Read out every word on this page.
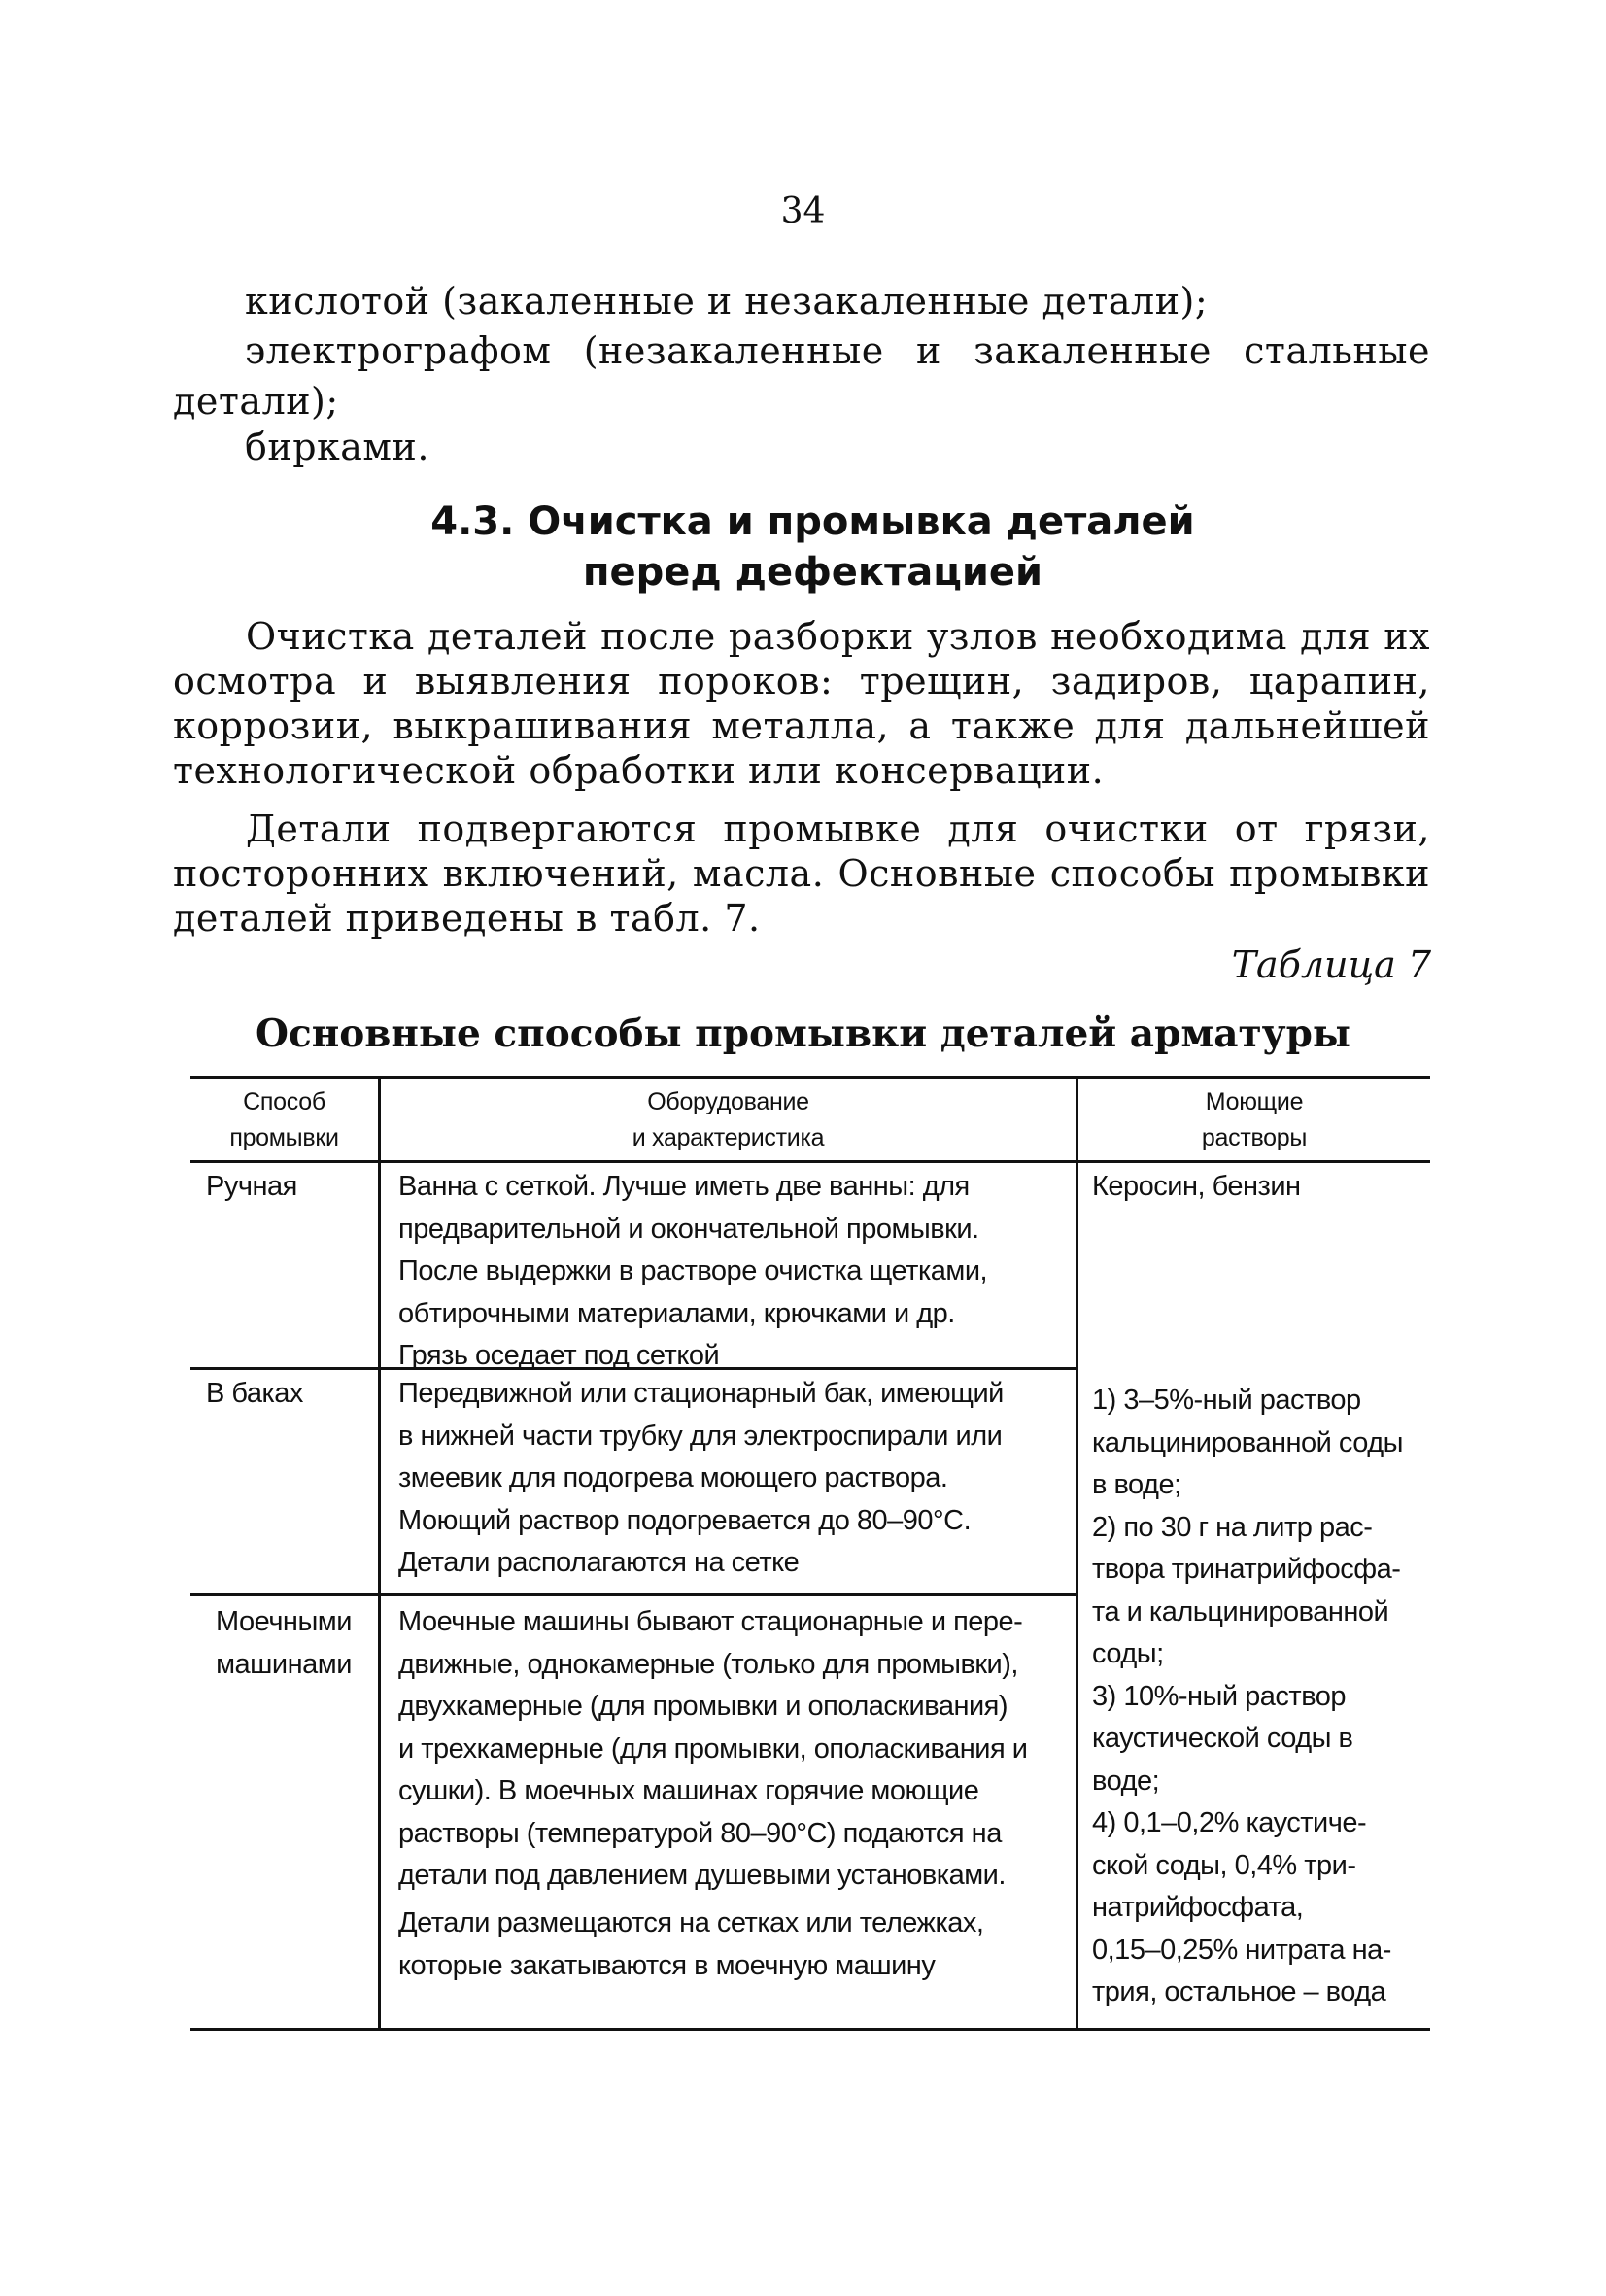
34
кислотой (закаленные и незакаленные детали);
электрографом (незакаленные и закаленные стальные
детали);
бирками.
4.3. Очистка и промывка деталей
перед дефектацией
Очистка деталей после разборки узлов необходима для их осмотра и выявления пороков: трещин, задиров, царапин, коррозии, выкрашивания металла, а также для дальнейшей технологической обработки или консервации.
Детали подвергаются промывке для очистки от грязи, посторонних включений, масла. Основные способы промывки деталей приведены в табл. 7.
Таблица 7
Основные способы промывки деталей арматуры
Способ
промывки
Оборудование
и характеристика
Моющие
растворы
Ручная	Ванна с сеткой. Лучше иметь две ванны: для
предварительной и окончательной промывки.
После выдержки в растворе очистка щетками,
обтирочными материалами, крючками и др.
Грязь оседает под сеткой
Керосин, бензин
В баках	Передвижной или стационарный бак, имеющий
в нижней части трубку для электроспирали или
змеевик для подогрева моющего раствора.
Моющий раствор подогревается до 80–90°С.
Детали располагаются на сетке
1) 3–5%-ный раствор
кальцинированной соды
в воде;
2) по 30 г на литр рас-
твора тринатрийфосфа-
та и кальцинированной
соды;
3) 10%-ный раствор
каустической соды в
воде;
4) 0,1–0,2% каустиче-
ской соды, 0,4% три-
натрийфосфата,
0,15–0,25% нитрата на-
трия, остальное – вода
Моечными
машинами
Моечные машины бывают стационарные и пере-
движные, однокамерные (только для промывки),
двухкамерные (для промывки и ополаскивания)
и трехкамерные (для промывки, ополаскивания и
сушки). В моечных машинах горячие моющие
растворы (температурой 80–90°С) подаются на
детали под давлением душевыми установками.
Детали размещаются на сетках или тележках,
которые закатываются в моечную машину
